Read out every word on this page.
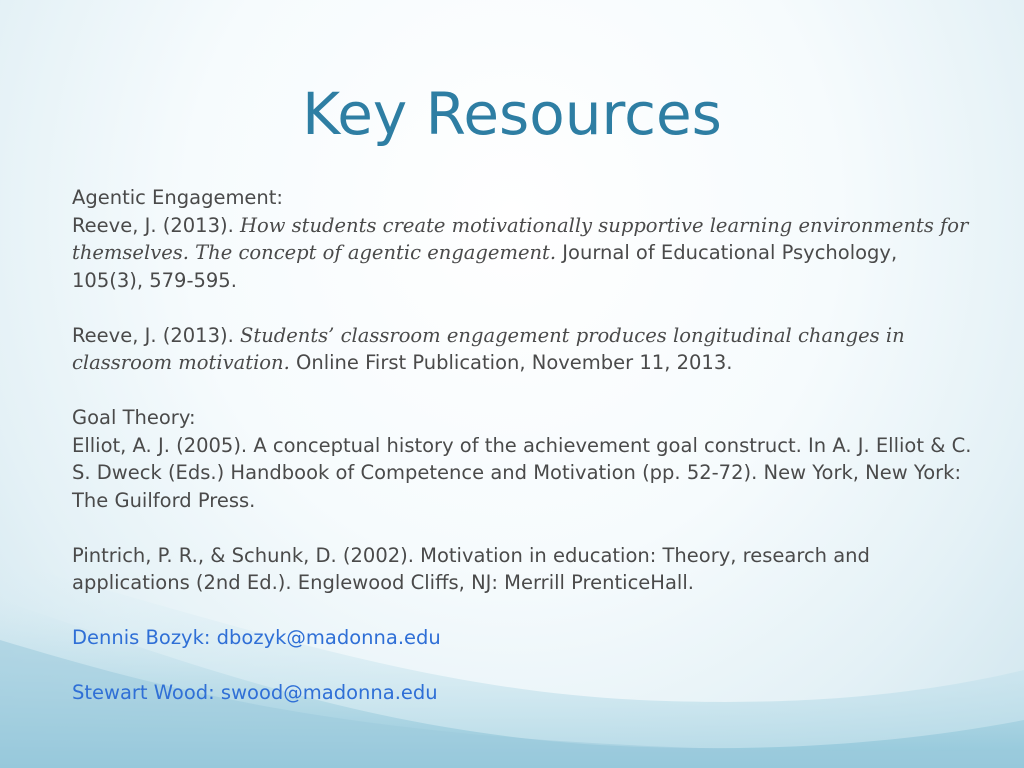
Key Resources

Agentic Engagement:

Reeve, J. (2013). How students create motivationally supportive learning environments for themselves. The concept of agentic engagement. Journal of Educational Psychology, 105(3), 579-595.

Reeve, J. (2013). Students’ classroom engagement produces longitudinal changes in classroom motivation. Online First Publication, November 11, 2013.

Goal Theory:

Elliot, A. J. (2005). A conceptual history of the achievement goal construct. In A. J. Elliot & C. S. Dweck (Eds.) Handbook of Competence and Motivation (pp. 52-72). New York, New York: The Guilford Press.

Pintrich, P. R., & Schunk, D. (2002). Motivation in education: Theory, research and applications (2nd Ed.). Englewood Cliffs, NJ: Merrill PrenticeHall.

Dennis Bozyk: dbozyk@madonna.edu

Stewart Wood: swood@madonna.edu
